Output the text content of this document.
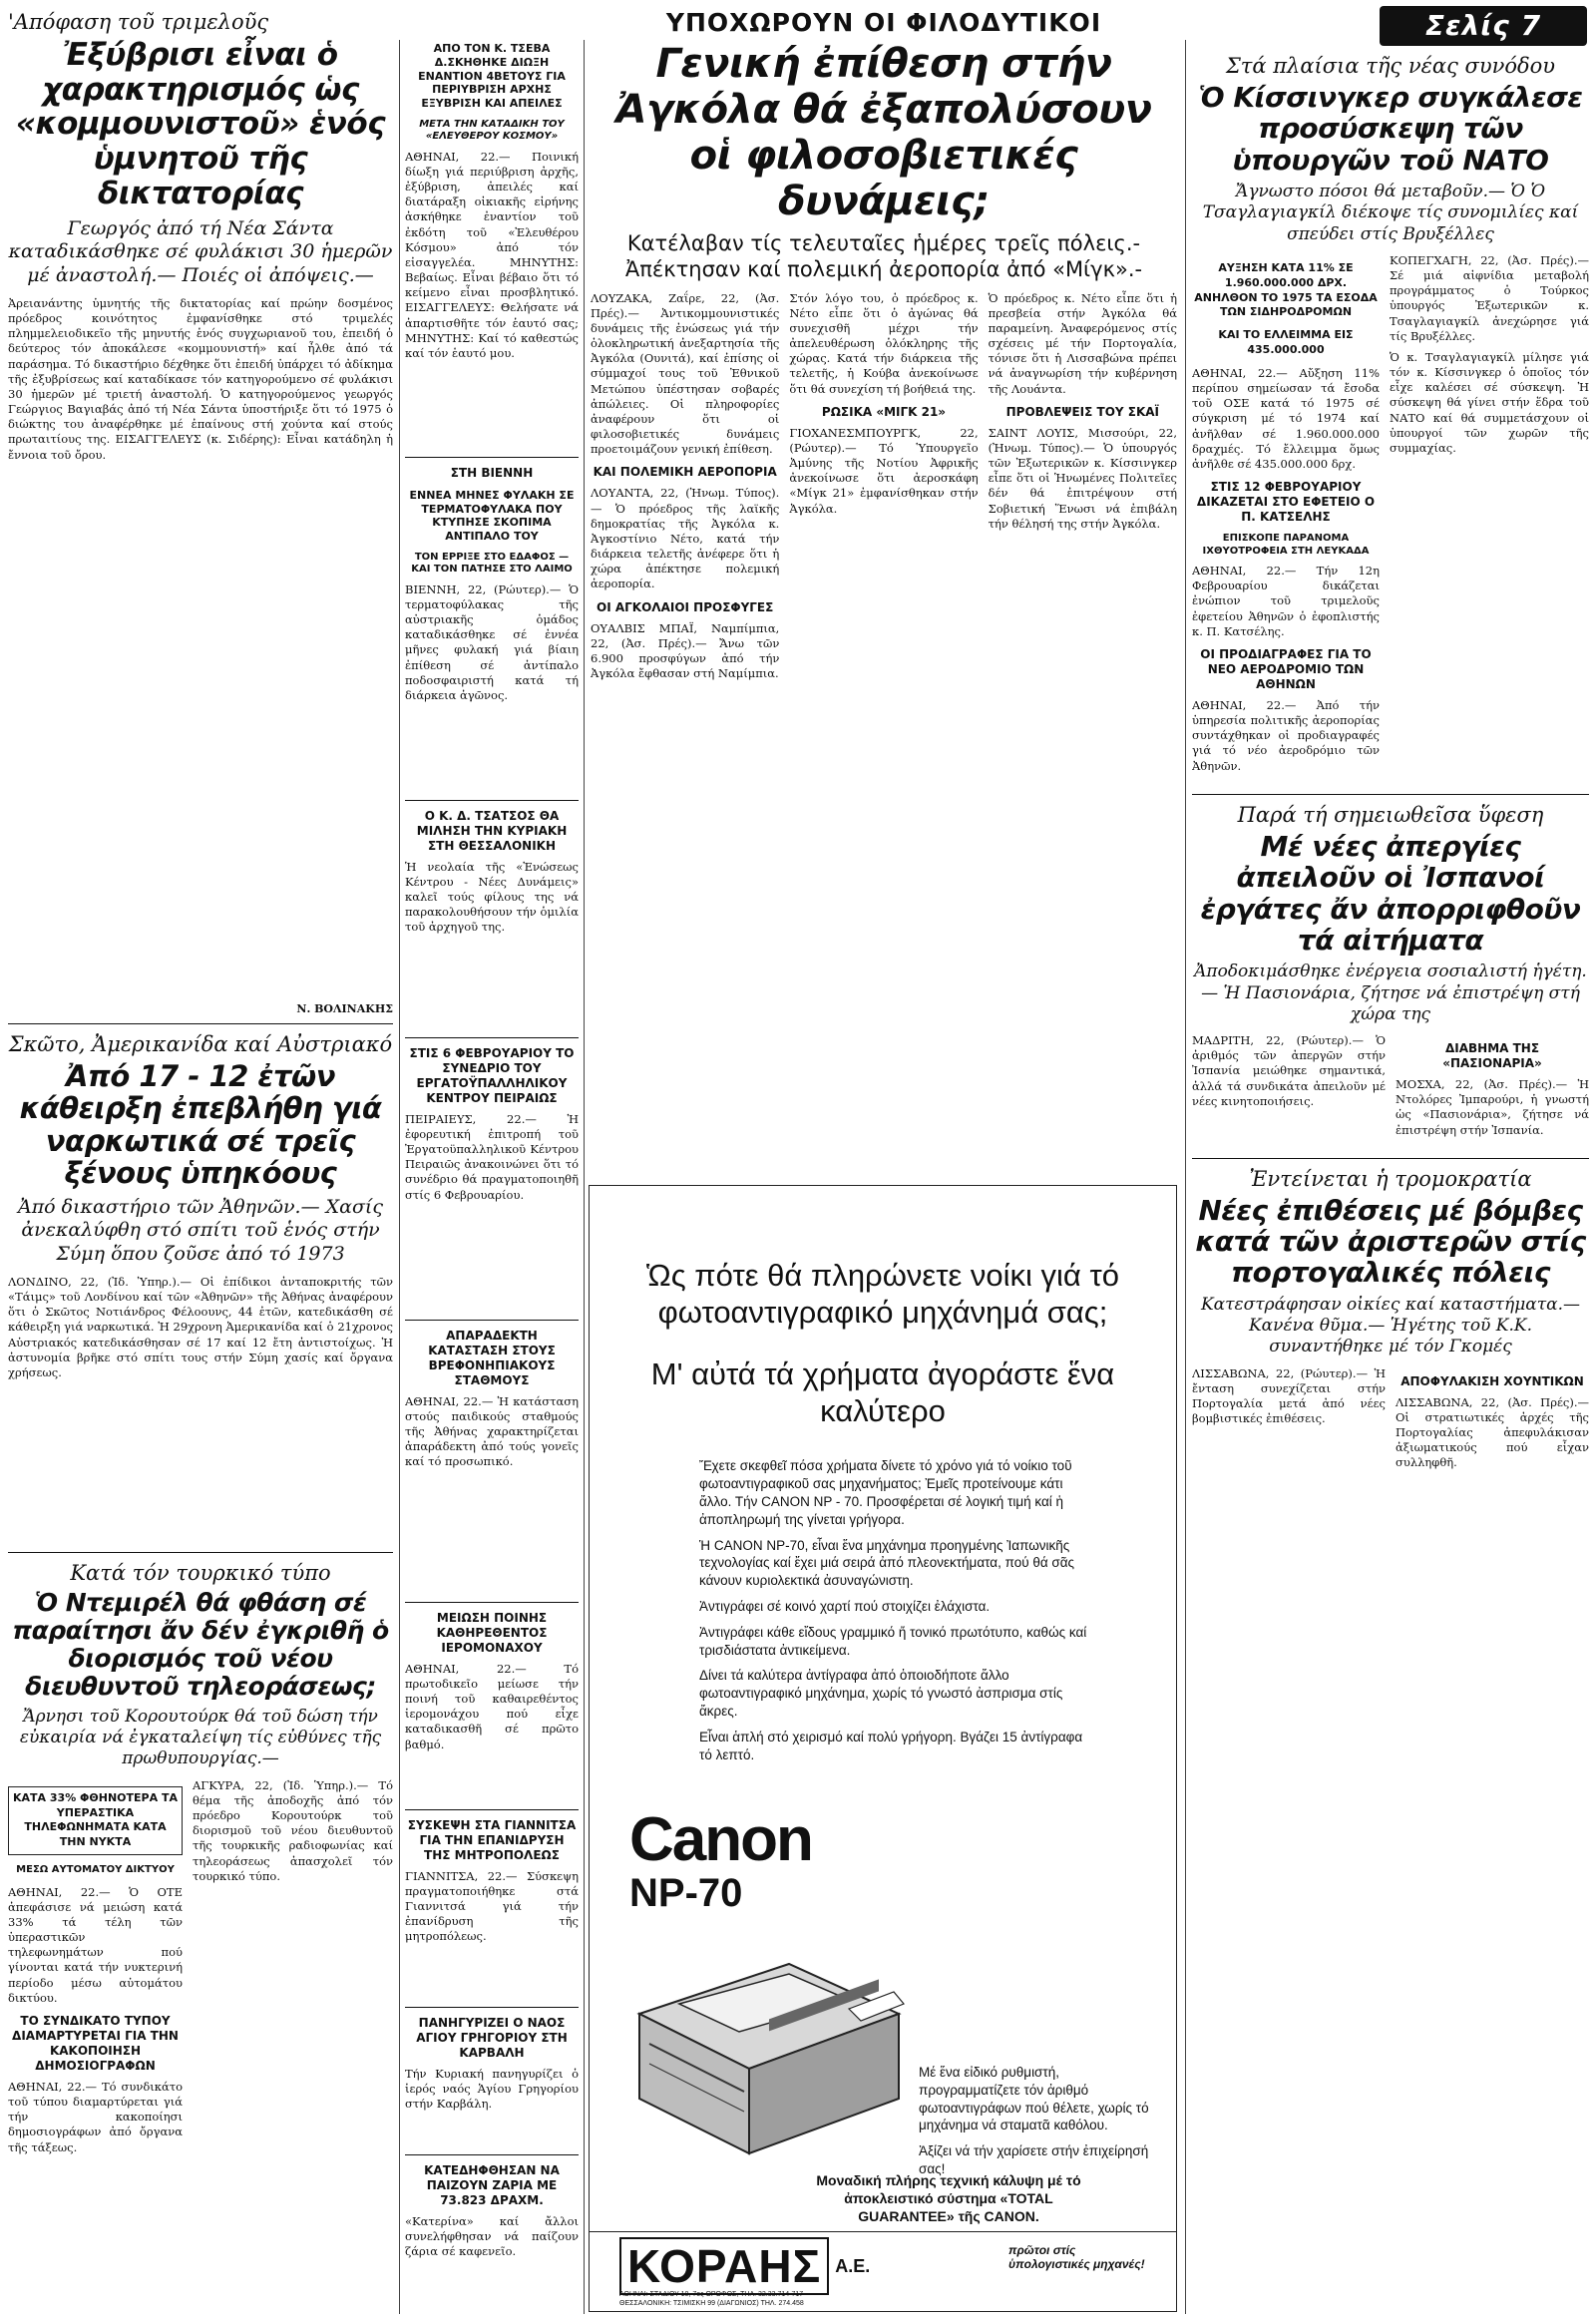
'Απόφαση τοῦ τριμελοῦς
Ἐξύβρισι εἶναι ὁ χαρακτηρισμός ὡς «κομμουνιστοῦ» ἑνός ὑμνητοῦ τῆς δικτατορίας
Γεωργός ἀπό τή Νέα Σάντα καταδικάσθηκε σέ φυλάκισι 30 ἡμερῶν μέ ἀναστολή.— Ποιές οἱ ἀπόψεις.—
Ἀρειανάντης ὑμνητής τῆς δικτατορίας καί πρώην δοσμένος πρόεδρος κοινότητος ἐμφανίσθηκε στό τριμελές πλημμελειοδικεῖο τῆς μηνυτής ἑνός συγχωριανοῦ του, ἐπειδή ὁ δεύτερος τόν ἀποκάλεσε «κομμουνιστή» καί ἦλθε ἀπό τά παράσημα. Τό δικαστήριο δέχθηκε ὅτι ἐπειδή ὑπάρχει τό ἀδίκημα τῆς ἐξυβρίσεως καί καταδίκασε τόν κατηγορούμενο σέ φυλάκισι 30 ἡμερῶν μέ τριετή ἀναστολή. Ὁ κατηγορούμενος γεωργός Γεώργιος Βαγιαβάς ἀπό τή Νέα Σάντα ὑποστήριξε ὅτι τό 1975 ὁ διώκτης του ἀναφέρθηκε μέ ἐπαίνους στή χούντα καί στούς πρωταιτίους της. ΕΙΣΑΓΓΕΛΕΥΣ (κ. Σιδέρης): Εἶναι κατάδηλη ἡ ἔννοια τοῦ ὄρου.
Ν. ΒΟΛΙΝΑΚΗΣ
Σκῶτο, Ἀμερικανίδα καί Αὐστριακό
Ἀπό 17 - 12 ἐτῶν κάθειρξη ἐπεβλήθη γιά ναρκωτικά σέ τρεῖς ξένους ὑπηκόους
Ἀπό δικαστήριο τῶν Ἀθηνῶν.— Χασίς ἀνεκαλύφθη στό σπίτι τοῦ ἑνός στήν Σύμη ὅπου ζοῦσε ἀπό τό 1973
ΛΟΝΔΙΝΟ, 22, (Ἰδ. Ὑπηρ.).— Οἱ ἐπίδικοι ἀνταποκριτής τῶν «Τάιμς» τοῦ Λονδίνου καί τῶν «Ἀθηνῶν» τῆς Ἀθήνας ἀναφέρουν ὅτι ὁ Σκῶτος Νοτιάνδρος Φέλοουνς, 44 ἐτῶν, κατεδικάσθη σέ κάθειρξη γιά ναρκωτικά. Ἡ 29χρονη Ἀμερικανίδα καί ὁ 21χρονος Αὐστριακός κατεδικάσθησαν σέ 17 καί 12 ἔτη ἀντιστοίχως. Ἡ ἀστυνομία βρῆκε στό σπίτι τους στήν Σύμη χασίς καί ὄργανα χρήσεως.
Κατά τόν τουρκικό τύπο
Ὁ Ντεμιρέλ θά φθάση σέ παραίτησι ἄν δέν ἐγκριθῆ ὁ διορισμός τοῦ νέου διευθυντοῦ τηλεοράσεως;
Ἄρνησι τοῦ Κορουτούρκ θά τοῦ δώση τήν εὐκαιρία νά ἐγκαταλείψη τίς εὐθύνες τῆς πρωθυπουργίας.—
ΚΑΤΑ 33% ΦΘΗΝΟΤΕΡΑ ΤΑ ΥΠΕΡΑΣΤΙΚΑ ΤΗΛΕΦΩΝΗΜΑΤΑ ΚΑΤΑ ΤΗΝ ΝΥΚΤΑ
ΜΕΣΩ ΑΥΤΟΜΑΤΟΥ ΔΙΚΤΥΟΥ
ΑΘΗΝΑΙ, 22.— Ὁ ΟΤΕ ἀπεφάσισε νά μειώση κατά 33% τά τέλη τῶν ὑπεραστικῶν τηλεφωνημάτων πού γίνονται κατά τήν νυκτερινή περίοδο μέσω αὐτομάτου δικτύου.
ΤΟ ΣΥΝΔΙΚΑΤΟ ΤΥΠΟΥ ΔΙΑΜΑΡΤΥΡΕΤΑΙ ΓΙΑ ΤΗΝ ΚΑΚΟΠΟΙΗΣΗ ΔΗΜΟΣΙΟΓΡΑΦΩΝ
ΑΘΗΝΑΙ, 22.— Τό συνδικάτο τοῦ τύπου διαμαρτύρεται γιά τήν κακοποίησι δημοσιογράφων ἀπό ὄργανα τῆς τάξεως.
ΑΓΚΥΡΑ, 22, (Ἰδ. Ὑπηρ.).— Τό θέμα τῆς ἀποδοχῆς ἀπό τόν πρόεδρο Κορουτούρκ τοῦ διορισμοῦ τοῦ νέου διευθυντοῦ τῆς τουρκικῆς ραδιοφωνίας καί τηλεοράσεως ἀπασχολεῖ τόν τουρκικό τύπο.
ΑΠΟ ΤΟΝ Κ. ΤΣΕΒΑ Δ.ΣΚΗΘΗΚΕ ΔΙΩΞΗ ΕΝΑΝΤΙΟΝ 4ΒΕΤΟΥΣ ΓΙΑ ΠΕΡΙΥΒΡΙΣΗ ΑΡΧΗΣ ΕΞΥΒΡΙΣΗ ΚΑΙ ΑΠΕΙΛΕΣ
ΜΕΤΑ ΤΗΝ ΚΑΤΑΔΙΚΗ ΤΟΥ «ΕΛΕΥΘΕΡΟΥ ΚΟΣΜΟΥ»
ΑΘΗΝΑΙ, 22.— Ποινική δίωξη γιά περιύβριση ἀρχῆς, ἐξύβριση, ἀπειλές καί διατάραξη οἰκιακῆς εἰρήνης ἀσκήθηκε ἐναντίον τοῦ ἐκδότη τοῦ «Ἐλευθέρου Κόσμου» ἀπό τόν εἰσαγγελέα. ΜΗΝΥΤΗΣ: Βεβαίως. Εἶναι βέβαιο ὅτι τό κείμενο εἶναι προσβλητικό. ΕΙΣΑΓΓΕΛΕΥΣ: Θελήσατε νά ἀπαρτισθῆτε τόν ἑαυτό σας; ΜΗΝΥΤΗΣ: Καί τό καθεστώς καί τόν ἑαυτό μου.
ΣΤΗ ΒΙΕΝΝΗ
ΕΝΝΕΑ ΜΗΝΕΣ ΦΥΛΑΚΗ ΣΕ ΤΕΡΜΑΤΟΦΥΛΑΚΑ ΠΟΥ ΚΤΥΠΗΣΕ ΣΚΟΠΙΜΑ ΑΝΤΙΠΑΛΟ ΤΟΥ
ΤΟΝ ΕΡΡΙΞΕ ΣΤΟ ΕΔΑΦΟΣ — ΚΑΙ ΤΟΝ ΠΑΤΗΣΕ ΣΤΟ ΛΑΙΜΟ
ΒΙΕΝΝΗ, 22, (Ρώυτερ).— Ὁ τερματοφύλακας τῆς αὐστριακῆς ὁμάδος καταδικάσθηκε σέ ἐννέα μῆνες φυλακή γιά βίαιη ἐπίθεση σέ ἀντίπαλο ποδοσφαιριστή κατά τή διάρκεια ἀγῶνος.
Ο Κ. Δ. ΤΣΑΤΣΟΣ ΘΑ ΜΙΛΗΣΗ ΤΗΝ ΚΥΡΙΑΚΗ ΣΤΗ ΘΕΣΣΑΛΟΝΙΚΗ
Ἡ νεολαία τῆς «Ἑνώσεως Κέντρου - Νέες Δυνάμεις» καλεῖ τούς φίλους της νά παρακολουθήσουν τήν ὁμιλία τοῦ ἀρχηγοῦ της.
ΣΤΙΣ 6 ΦΕΒΡΟΥΑΡΙΟΥ ΤΟ ΣΥΝΕΔΡΙΟ ΤΟΥ ΕΡΓΑΤΟΫΠΑΛΛΗΛΙΚΟΥ ΚΕΝΤΡΟΥ ΠΕΙΡΑΙΩΣ
ΠΕΙΡΑΙΕΥΣ, 22.— Ἡ ἐφορευτική ἐπιτροπή τοῦ Ἐργατοϋπαλληλικοῦ Κέντρου Πειραιῶς ἀνακοινώνει ὅτι τό συνέδριο θά πραγματοποιηθῆ στίς 6 Φεβρουαρίου.
ΑΠΑΡΑΔΕΚΤΗ ΚΑΤΑΣΤΑΣΗ ΣΤΟΥΣ ΒΡΕΦΟΝΗΠΙΑΚΟΥΣ ΣΤΑΘΜΟΥΣ
ΑΘΗΝΑΙ, 22.— Ἡ κατάσταση στούς παιδικούς σταθμούς τῆς Ἀθήνας χαρακτηρίζεται ἀπαράδεκτη ἀπό τούς γονεῖς καί τό προσωπικό.
ΜΕΙΩΣΗ ΠΟΙΝΗΣ ΚΑΘΗΡΕΘΕΝΤΟΣ ΙΕΡΟΜΟΝΑΧΟΥ
ΑΘΗΝΑΙ, 22.— Τό πρωτοδικεῖο μείωσε τήν ποινή τοῦ καθαιρεθέντος ἱερομονάχου πού εἶχε καταδικασθῆ σέ πρῶτο βαθμό.
ΣΥΣΚΕΨΗ ΣΤΑ ΓΙΑΝΝΙΤΣΑ ΓΙΑ ΤΗΝ ΕΠΑΝΙΔΡΥΣΗ ΤΗΣ ΜΗΤΡΟΠΟΛΕΩΣ
ΓΙΑΝΝΙΤΣΑ, 22.— Σύσκεψη πραγματοποιήθηκε στά Γιαννιτσά γιά τήν ἐπανίδρυση τῆς μητροπόλεως.
ΠΑΝΗΓΥΡΙΖΕΙ Ο ΝΑΟΣ ΑΓΙΟΥ ΓΡΗΓΟΡΙΟΥ ΣΤΗ ΚΑΡΒΑΛΗ
Τήν Κυριακή πανηγυρίζει ὁ ἱερός ναός Ἁγίου Γρηγορίου στήν Καρβάλη.
ΚΑΤΕΔΗΦΘΗΣΑΝ ΝΑ ΠΑΙΖΟΥΝ ΖΑΡΙΑ ΜΕ 73.823 ΔΡΑΧΜ.
«Κατερίνα» καί ἄλλοι συνελήφθησαν νά παίζουν ζάρια σέ καφενεῖο.
ΥΠΟΧΩΡΟΥΝ ΟΙ ΦΙΛΟΔΥΤΙΚΟΙ
Γενική ἐπίθεση στήν Ἀγκόλα θά ἐξαπολύσουν οἱ φιλοσοβιετικές δυνάμεις;
Κατέλαβαν τίς τελευταῖες ἡμέρες τρεῖς πόλεις.- Ἀπέκτησαν καί πολεμική ἀεροπορία ἀπό «Μίγκ».-
ΛΟΥΖΑΚΑ, Ζαΐρε, 22, (Ἀσ. Πρές).— Ἀντικομμουνιστικές δυνάμεις τῆς ἐνώσεως γιά τήν ὁλοκληρωτική ἀνεξαρτησία τῆς Ἀγκόλα (Ουνιτά), καί ἐπίσης οἱ σύμμαχοί τους τοῦ Ἐθνικοῦ Μετώπου ὑπέστησαν σοβαρές ἀπώλειες. Οἱ πληροφορίες ἀναφέρουν ὅτι οἱ φιλοσοβιετικές δυνάμεις προετοιμάζουν γενική ἐπίθεση.
ΚΑΙ ΠΟΛΕΜΙΚΗ ΑΕΡΟΠΟΡΙΑ
ΛΟΥΑΝΤΑ, 22, (Ἠνωμ. Τύπος).— Ὁ πρόεδρος τῆς λαϊκῆς δημοκρατίας τῆς Ἀγκόλα κ. Ἀγκοστίνιο Νέτο, κατά τήν διάρκεια τελετῆς ἀνέφερε ὅτι ἡ χώρα ἀπέκτησε πολεμική ἀεροπορία.
ΟΙ ΑΓΚΟΛΑΙΟΙ ΠΡΟΣΦΥΓΕΣ
ΟΥΑΛΒΙΣ ΜΠΑΪ, Ναμπίμπια, 22, (Ἀσ. Πρές).— Ἄνω τῶν 6.900 προσφύγων ἀπό τήν Ἀγκόλα ἔφθασαν στή Ναμίμπια.
Στόν λόγο του, ὁ πρόεδρος κ. Νέτο εἶπε ὅτι ὁ ἀγώνας θά συνεχισθῆ μέχρι τήν ἀπελευθέρωση ὁλόκληρης τῆς χώρας. Κατά τήν διάρκεια τῆς τελετῆς, ἡ Κούβα ἀνεκοίνωσε ὅτι θά συνεχίση τή βοήθειά της.
ΡΩΣΙΚΑ «ΜΙΓΚ 21»
ΓΙΟΧΑΝΕΣΜΠΟΥΡΓΚ, 22, (Ρώυτερ).— Τό Ὑπουργεῖο Ἀμύνης τῆς Νοτίου Ἀφρικῆς ἀνεκοίνωσε ὅτι ἀεροσκάφη «Μίγκ 21» ἐμφανίσθηκαν στήν Ἀγκόλα.
Ὁ πρόεδρος κ. Νέτο εἶπε ὅτι ἡ πρεσβεία στήν Ἀγκόλα θά παραμείνη. Ἀναφερόμενος στίς σχέσεις μέ τήν Πορτογαλία, τόνισε ὅτι ἡ Λισσαβώνα πρέπει νά ἀναγνωρίση τήν κυβέρνηση τῆς Λουάντα.
ΠΡΟΒΛΕΨΕΙΣ ΤΟΥ ΣΚΑΪ
ΣΑΙΝΤ ΛΟΥΙΣ, Μισσούρι, 22, (Ἠνωμ. Τύπος).— Ὁ ὑπουργός τῶν Ἐξωτερικῶν κ. Κίσσινγκερ εἶπε ὅτι οἱ Ἡνωμένες Πολιτεῖες δέν θά ἐπιτρέψουν στή Σοβιετική Ἕνωσι νά ἐπιβάλη τήν θέλησή της στήν Ἀγκόλα.
Ὡς πότε θά πληρώνετε νοίκι γιά τό φωτοαντιγραφικό μηχάνημά σας;
Μ' αὐτά τά χρήματα ἀγοράστε ἕνα καλύτερο
Ἔχετε σκεφθεῖ πόσα χρήματα δίνετε τό χρόνο γιά τό νοίκιο τοῦ φωτοαντιγραφικοῦ σας μηχανήματος; Ἐμεῖς προτείνουμε κάτι ἄλλο. Τήν CANON NP - 70. Προσφέρεται σέ λογική τιμή καί ἡ ἀποπληρωμή της γίνεται γρήγορα.
Ἡ CANON NP-70, εἶναι ἕνα μηχάνημα προηγμένης Ἰαπωνικῆς τεχνολογίας καί ἔχει μιά σειρά ἀπό πλεονεκτήματα, πού θά σᾶς κάνουν κυριολεκτικά ἀσυναγώνιστη.
Ἀντιγράφει σέ κοινό χαρτί πού στοιχίζει ἐλάχιστα.
Ἀντιγράφει κάθε εἴδους γραμμικό ἤ τονικό πρωτότυπο, καθώς καί τρισδιάστατα ἀντικείμενα.
Δίνει τά καλύτερα ἀντίγραφα ἀπό ὁποιοδήποτε ἄλλο φωτοαντιγραφικό μηχάνημα, χωρίς τό γνωστό ἀσπρισμα στίς ἄκρες.
Εἶναι ἁπλή στό χειρισμό καί πολύ γρήγορη. Βγάζει 15 ἀντίγραφα τό λεπτό.
Canon
NP-70
Μέ ἕνα εἰδικό ρυθμιστή, προγραμματίζετε τόν ἀριθμό φωτοαντιγράφων πού θέλετε, χωρίς τό μηχάνημα νά σταματᾶ καθόλου.
Ἀξίζει νά τήν χαρίσετε στήν ἐπιχείρησή σας!
Μοναδική πλήρης τεχνική κάλυψη μέ τό ἀποκλειστικό σύστημα «TOTAL GUARANTEE» τῆς CANON.
ΚΟΡΑΗΣ Α.Ε.
πρῶτοι στίς ὑπολογιστικές μηχανές!
ΑΘΗΝΑΙ: ΣΤΑΔΙΟΥ 10, 7ος ΟΡΟΦΟΣ, ΤΗΛ. 32.33.714-717
ΘΕΣΣΑΛΟΝΙΚΗ: ΤΣΙΜΙΣΚΗ 99 (ΔΙΑΓΩΝΙΟΣ) ΤΗΛ. 274.458
Σελίς 7
Στά πλαίσια τῆς νέας συνόδου
Ὁ Κίσσινγκερ συγκάλεσε προσύσκεψη τῶν ὑπουργῶν τοῦ ΝΑΤΟ
Ἄγνωστο πόσοι θά μεταβοῦν.— Ὁ Ὁ Τσαγλαγιαγκίλ διέκοψε τίς συνομιλίες καί σπεύδει στίς Βρυξέλλες
ΑΥΞΗΣΗ ΚΑΤΑ 11% ΣΕ 1.960.000.000 ΔΡΧ. ΑΝΗΛΘΟΝ ΤΟ 1975 ΤΑ ΕΣΟΔΑ ΤΩΝ ΣΙΔΗΡΟΔΡΟΜΩΝ
ΚΑΙ ΤΟ ΕΛΛΕΙΜΜΑ ΕΙΣ 435.000.000
ΑΘΗΝΑΙ, 22.— Αὔξηση 11% περίπου σημείωσαν τά ἔσοδα τοῦ ΟΣΕ κατά τό 1975 σέ σύγκριση μέ τό 1974 καί ἀνῆλθαν σέ 1.960.000.000 δραχμές. Τό ἔλλειμμα ὅμως ἀνῆλθε σέ 435.000.000 δρχ.
ΣΤΙΣ 12 ΦΕΒΡΟΥΑΡΙΟΥ ΔΙΚΑΖΕΤΑΙ ΣΤΟ ΕΦΕΤΕΙΟ Ο Π. ΚΑΤΣΕΛΗΣ
ΕΠΙΣΚΟΠΕ ΠΑΡΑΝΟΜΑ ΙΧΘΥΟΤΡΟΦΕΙΑ ΣΤΗ ΛΕΥΚΑΔΑ
ΑΘΗΝΑΙ, 22.— Τήν 12η Φεβρουαρίου δικάζεται ἐνώπιον τοῦ τριμελοῦς ἐφετείου Ἀθηνῶν ὁ ἐφοπλιστής κ. Π. Κατσέλης.
ΟΙ ΠΡΟΔΙΑΓΡΑΦΕΣ ΓΙΑ ΤΟ ΝΕΟ ΑΕΡΟΔΡΟΜΙΟ ΤΩΝ ΑΘΗΝΩΝ
ΑΘΗΝΑΙ, 22.— Ἀπό τήν ὑπηρεσία πολιτικῆς ἀεροπορίας συντάχθηκαν οἱ προδιαγραφές γιά τό νέο ἀεροδρόμιο τῶν Ἀθηνῶν.
ΚΟΠΕΓΧΑΓΗ, 22, (Ἀσ. Πρές).— Σέ μιά αἰφνίδια μεταβολή προγράμματος ὁ Τούρκος ὑπουργός Ἐξωτερικῶν κ. Τσαγλαγιαγκίλ ἀνεχώρησε γιά τίς Βρυξέλλες.
Ὁ κ. Τσαγλαγιαγκίλ μίλησε γιά τόν κ. Κίσσινγκερ ὁ ὁποῖος τόν εἶχε καλέσει σέ σύσκεψη. Ἡ σύσκεψη θά γίνει στήν ἕδρα τοῦ ΝΑΤΟ καί θά συμμετάσχουν οἱ ὑπουργοί τῶν χωρῶν τῆς συμμαχίας.
Παρά τή σημειωθεῖσα ὕφεση
Μέ νέες ἀπεργίες ἀπειλοῦν οἱ Ἰσπανοί ἐργάτες ἄν ἀπορριφθοῦν τά αἰτήματα
Ἀποδοκιμάσθηκε ἐνέργεια σοσιαλιστή ἡγέτη.— Ἡ Πασιονάρια, ζήτησε νά ἐπιστρέψη στή χώρα της
ΜΑΔΡΙΤΗ, 22, (Ρώυτερ).— Ὁ ἀριθμός τῶν ἀπεργῶν στήν Ἰσπανία μειώθηκε σημαντικά, ἀλλά τά συνδικάτα ἀπειλοῦν μέ νέες κινητοποιήσεις.
ΔΙΑΒΗΜΑ ΤΗΣ «ΠΑΣΙΟΝΑΡΙΑ»
ΜΟΣΧΑ, 22, (Ἀσ. Πρές).— Ἡ Ντολόρες Ἰμπαρούρι, ἡ γνωστή ὡς «Πασιονάρια», ζήτησε νά ἐπιστρέψη στήν Ἰσπανία.
Ἐντείνεται ἡ τρομοκρατία
Νέες ἐπιθέσεις μέ βόμβες κατά τῶν ἀριστερῶν στίς πορτογαλικές πόλεις
Κατεστράφησαν οἰκίες καί καταστήματα.— Κανένα θῦμα.— Ἡγέτης τοῦ Κ.Κ. συναντήθηκε μέ τόν Γκομές
ΛΙΣΣΑΒΩΝΑ, 22, (Ρώυτερ).— Ἡ ἔνταση συνεχίζεται στήν Πορτογαλία μετά ἀπό νέες βομβιστικές ἐπιθέσεις.
ΑΠΟΦΥΛΑΚΙΣΗ ΧΟΥΝΤΙΚΩΝ
ΛΙΣΣΑΒΩΝΑ, 22, (Ἀσ. Πρές).— Οἱ στρατιωτικές ἀρχές τῆς Πορτογαλίας ἀπεφυλάκισαν ἀξιωματικούς πού εἶχαν συλληφθῆ.
